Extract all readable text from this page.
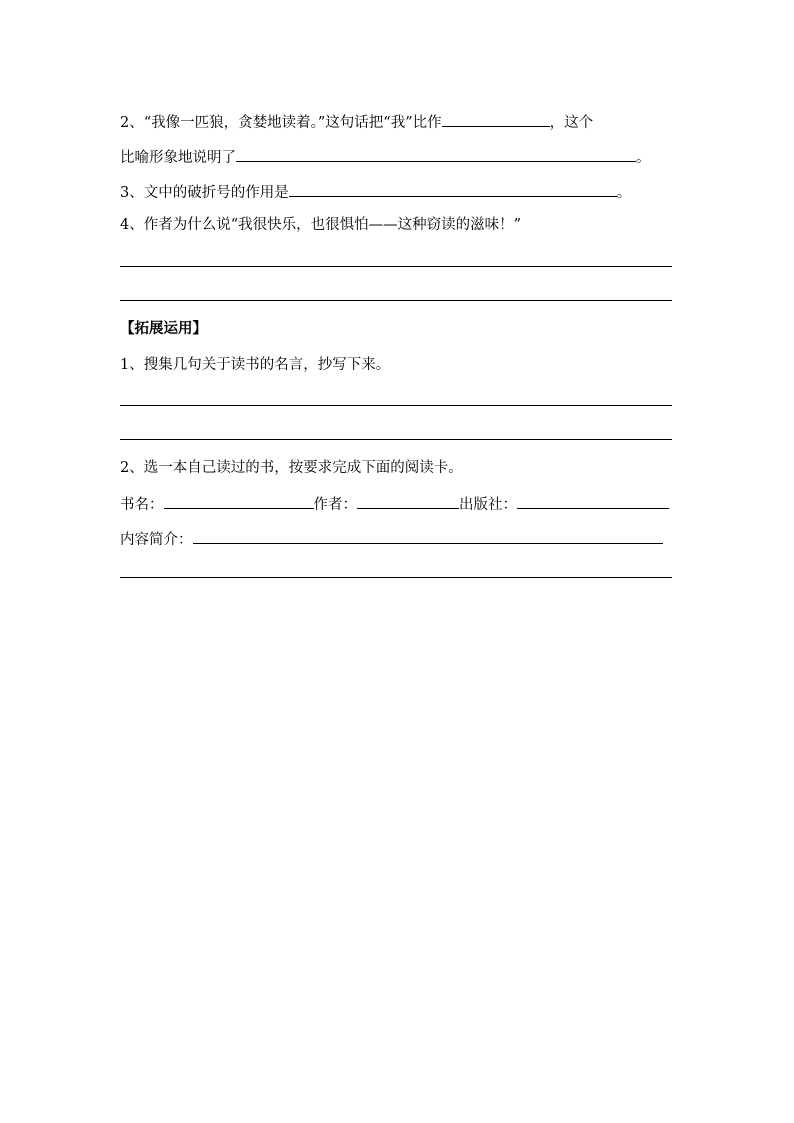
2、“我像一匹狼，贪婪地读着。”这句话把“我”比作	，这个
比喻形象地说明了	。
3、文中的破折号的作用是	。
4、作者为什么说“我很快乐，也很惧怕——这种窃读的滋味！”
【拓展运用】
1、搜集几句关于读书的名言，抄写下来。
2、选一本自己读过的书，按要求完成下面的阅读卡。
书名：	作者：	出版社：
内容简介：
